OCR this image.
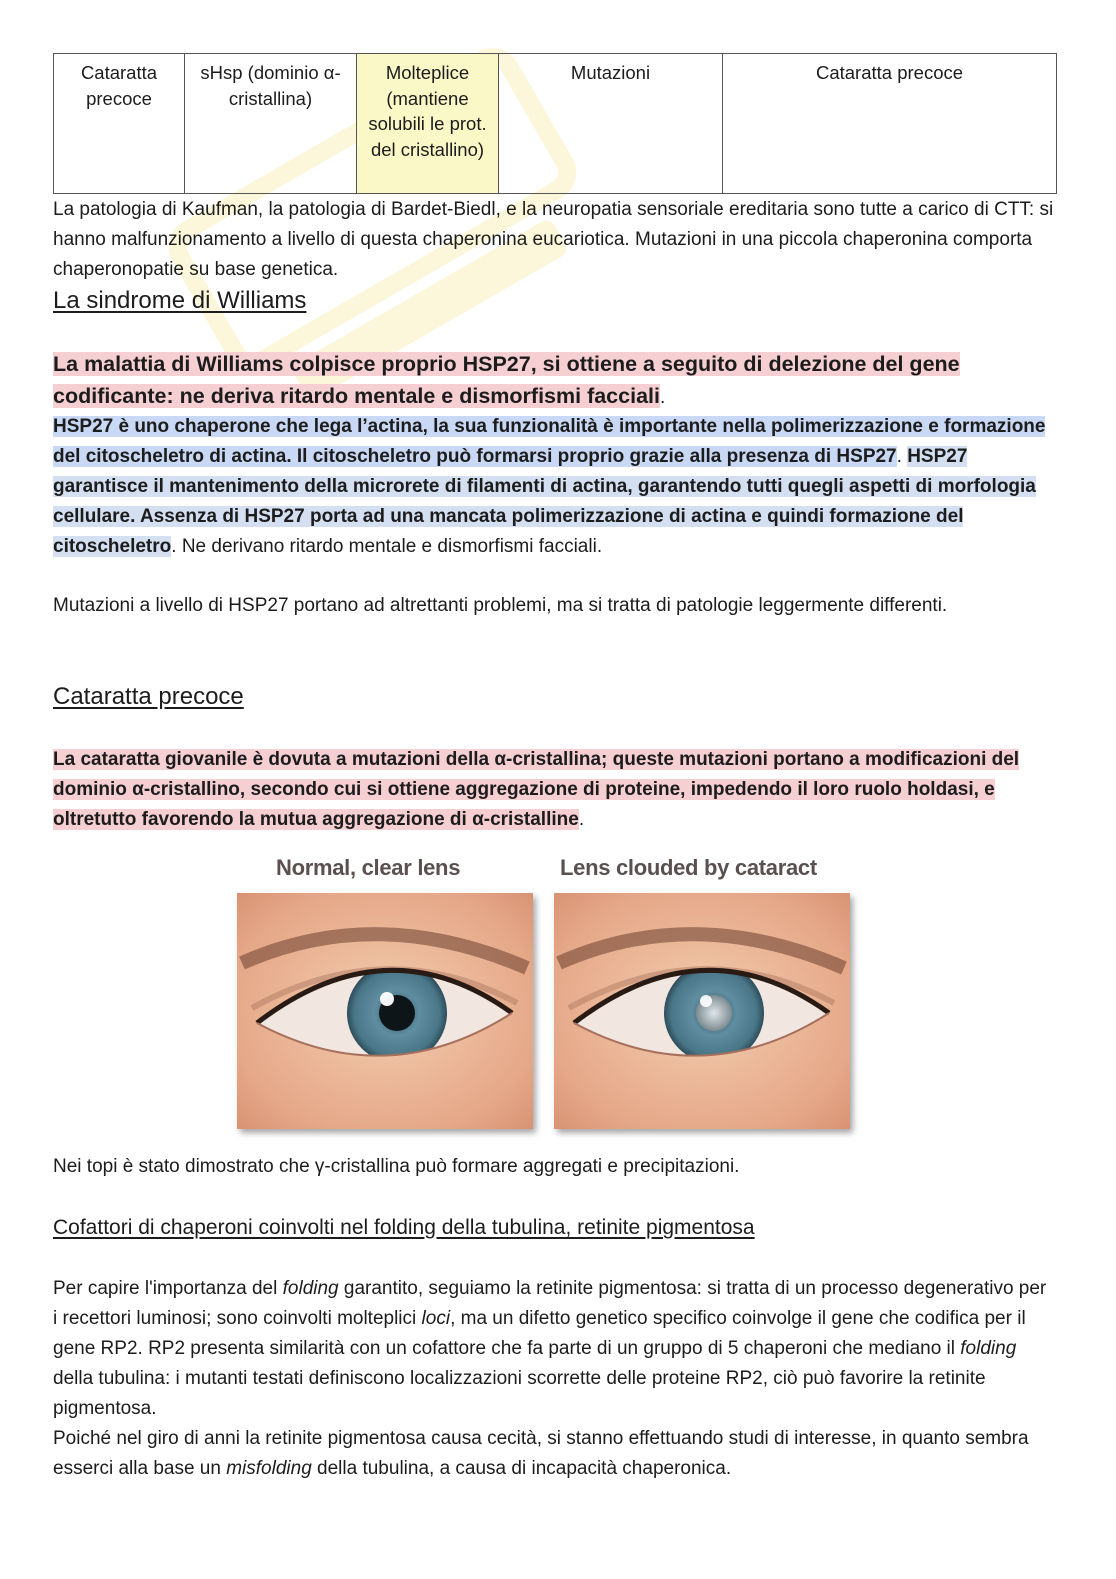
Cataratta precoce	sHsp (dominio α-cristallina)	Molteplice (mantiene solubili le prot. del cristallino)	Mutazioni	Cataratta precoce
La patologia di Kaufman, la patologia di Bardet-Biedl, e la neuropatia sensoriale ereditaria sono tutte a carico di CTT: si hanno malfunzionamento a livello di questa chaperonina eucariotica. Mutazioni in una piccola chaperonina comporta chaperonopatie su base genetica.
La sindrome di Williams
La malattia di Williams colpisce proprio HSP27, si ottiene a seguito di delezione del gene codificante: ne deriva ritardo mentale e dismorfismi facciali.
HSP27 è uno chaperone che lega l’actina, la sua funzionalità è importante nella polimerizzazione e formazione del citoscheletro di actina. Il citoscheletro può formarsi proprio grazie alla presenza di HSP27. HSP27 garantisce il mantenimento della microrete di filamenti di actina, garantendo tutti quegli aspetti di morfologia cellulare. Assenza di HSP27 porta ad una mancata polimerizzazione di actina e quindi formazione del citoscheletro. Ne derivano ritardo mentale e dismorfismi facciali.
Mutazioni a livello di HSP27 portano ad altrettanti problemi, ma si tratta di patologie leggermente differenti.
Cataratta precoce
La cataratta giovanile è dovuta a mutazioni della α-cristallina; queste mutazioni portano a modificazioni del dominio α-cristallino, secondo cui si ottiene aggregazione di proteine, impedendo il loro ruolo holdasi, e oltretutto favorendo la mutua aggregazione di α-cristalline.
Normal, clear lens	Lens clouded by cataract
Nei topi è stato dimostrato che γ-cristallina può formare aggregati e precipitazioni.
Cofattori di chaperoni coinvolti nel folding della tubulina, retinite pigmentosa
Per capire l'importanza del folding garantito, seguiamo la retinite pigmentosa: si tratta di un processo degenerativo per i recettori luminosi; sono coinvolti molteplici loci, ma un difetto genetico specifico coinvolge il gene che codifica per il gene RP2. RP2 presenta similarità con un cofattore che fa parte di un gruppo di 5 chaperoni che mediano il folding della tubulina: i mutanti testati definiscono localizzazioni scorrette delle proteine RP2, ciò può favorire la retinite pigmentosa.
Poiché nel giro di anni la retinite pigmentosa causa cecità, si stanno effettuando studi di interesse, in quanto sembra esserci alla base un misfolding della tubulina, a causa di incapacità chaperonica.
